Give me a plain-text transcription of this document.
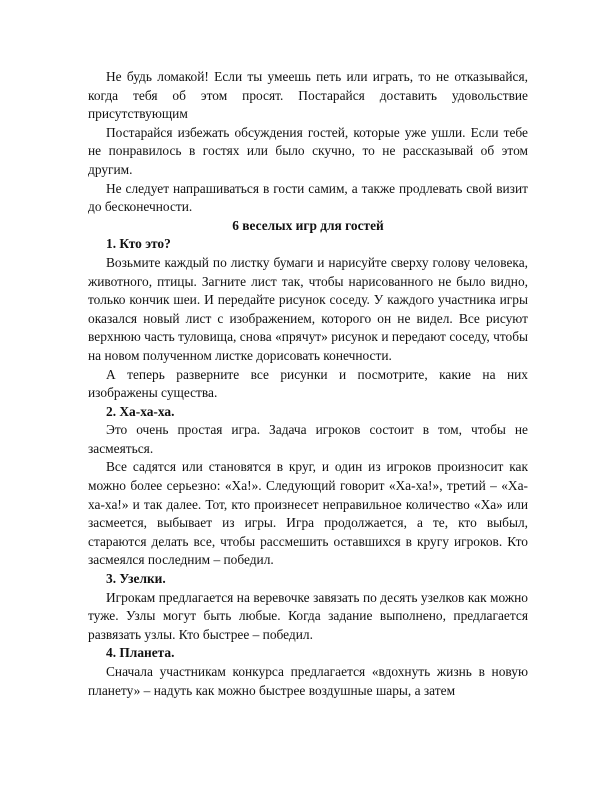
Не будь ломакой! Если ты умеешь петь или играть, то не отказывайся, когда тебя об этом просят. Постарайся доставить удовольствие присутствующим

Постарайся избежать обсуждения гостей, которые уже ушли. Если тебе не понравилось в гостях или было скучно, то не рассказывай об этом другим.

Не следует напрашиваться в гости самим, а также продлевать свой визит до бесконечности.

6 веселых игр для гостей

1. Кто это?

Возьмите каждый по листку бумаги и нарисуйте сверху голову человека, животного, птицы. Загните лист так, чтобы нарисованного не было видно, только кончик шеи. И передайте рисунок соседу. У каждого участника игры оказался новый лист с изображением, которого он не видел. Все рисуют верхнюю часть туловища, снова «прячут» рисунок и передают соседу, чтобы на новом полученном листке дорисовать конечности.

А теперь разверните все рисунки и посмотрите, какие на них изображены существа.

2. Ха-ха-ха.

Это очень простая игра. Задача игроков состоит в том, чтобы не засмеяться.

Все садятся или становятся в круг, и один из игроков произносит как можно более серьезно: «Ха!». Следующий говорит «Ха-ха!», третий – «Ха-ха-ха!» и так далее. Тот, кто произнесет неправильное количество «Ха» или засмеется, выбывает из игры. Игра продолжается, а те, кто выбыл, стараются делать все, чтобы рассмешить оставшихся в кругу игроков. Кто засмеялся последним – победил.

3. Узелки.

Игрокам предлагается на веревочке завязать по десять узелков как можно туже. Узлы могут быть любые. Когда задание выполнено, предлагается развязать узлы. Кто быстрее – победил.

4. Планета.

Сначала участникам конкурса предлагается «вдохнуть жизнь в новую планету» – надуть как можно быстрее воздушные шары, а затем
